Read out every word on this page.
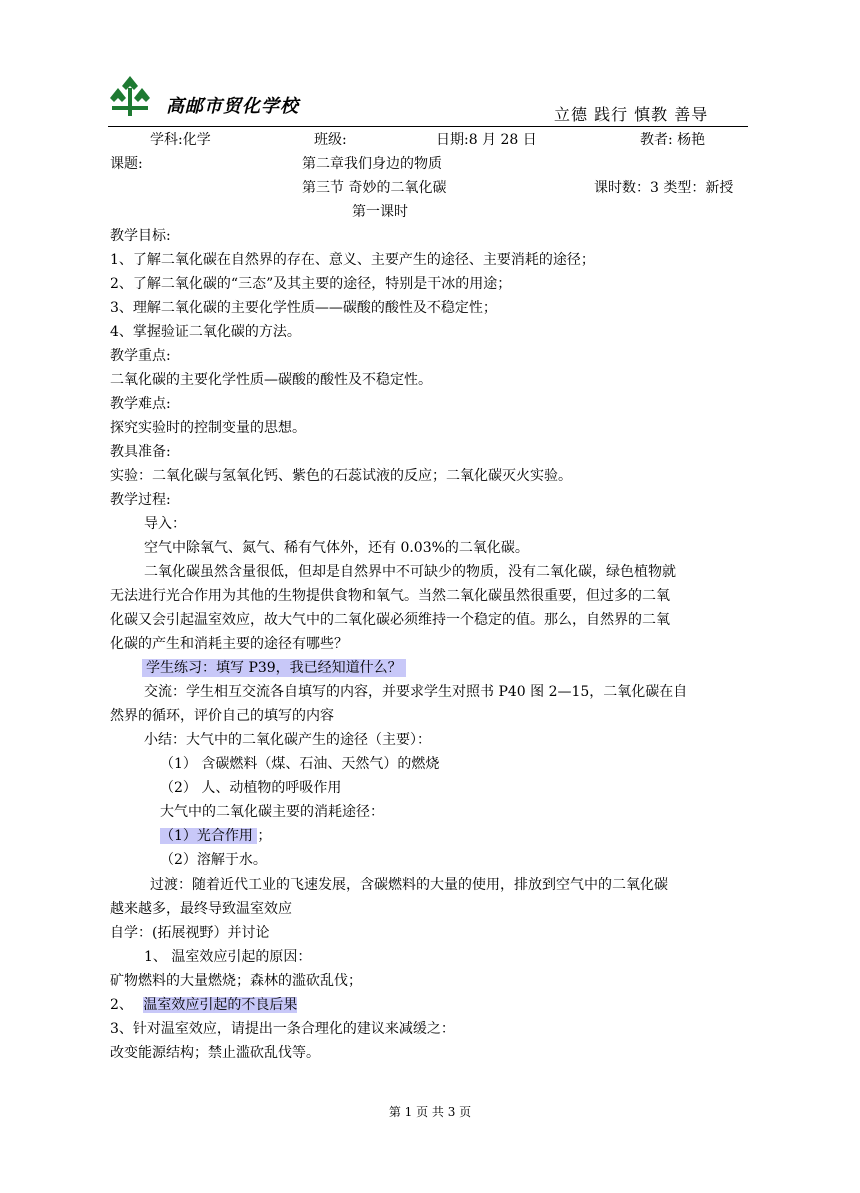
高邮市贸化学校	立德 践行 慎教 善导
学科:化学	班级:	日期:8 月 28 日	教者: 杨艳
课题:	第二章我们身边的物质
第三节 奇妙的二氧化碳	课时数：3 类型：新授
第一课时
教学目标:
1、了解二氧化碳在自然界的存在、意义、主要产生的途径、主要消耗的途径；
2、了解二氧化碳的“三态”及其主要的途径，特别是干冰的用途；
3、理解二氧化碳的主要化学性质——碳酸的酸性及不稳定性；
4、掌握验证二氧化碳的方法。
教学重点:
二氧化碳的主要化学性质—碳酸的酸性及不稳定性。
教学难点:
探究实验时的控制变量的思想。
教具准备:
实验：二氧化碳与氢氧化钙、紫色的石蕊试液的反应；二氧化碳灭火实验。
教学过程:
导入：
空气中除氧气、氮气、稀有气体外，还有 0.03%的二氧化碳。
二氧化碳虽然含量很低，但却是自然界中不可缺少的物质，没有二氧化碳，绿色植物就
无法进行光合作用为其他的生物提供食物和氧气。当然二氧化碳虽然很重要，但过多的二氧
化碳又会引起温室效应，故大气中的二氧化碳必须维持一个稳定的值。那么，自然界的二氧
化碳的产生和消耗主要的途径有哪些？
学生练习：填写 P39，我已经知道什么？
交流：学生相互交流各自填写的内容，并要求学生对照书 P40 图 2—15，二氧化碳在自
然界的循环，评价自己的填写的内容
小结：大气中的二氧化碳产生的途径（主要）：
（1） 含碳燃料（煤、石油、天然气）的燃烧
（2） 人、动植物的呼吸作用
大气中的二氧化碳主要的消耗途径：
（1）光合作用 ；
（2）溶解于水。
过渡：随着近代工业的飞速发展，含碳燃料的大量的使用，排放到空气中的二氧化碳
越来越多，最终导致温室效应
自学：(拓展视野）并讨论
1、 温室效应引起的原因：
矿物燃料的大量燃烧；森林的滥砍乱伐；
2、 温室效应引起的不良后果
3、针对温室效应，请提出一条合理化的建议来减缓之：
改变能源结构；禁止滥砍乱伐等。
第 1 页 共 3 页
